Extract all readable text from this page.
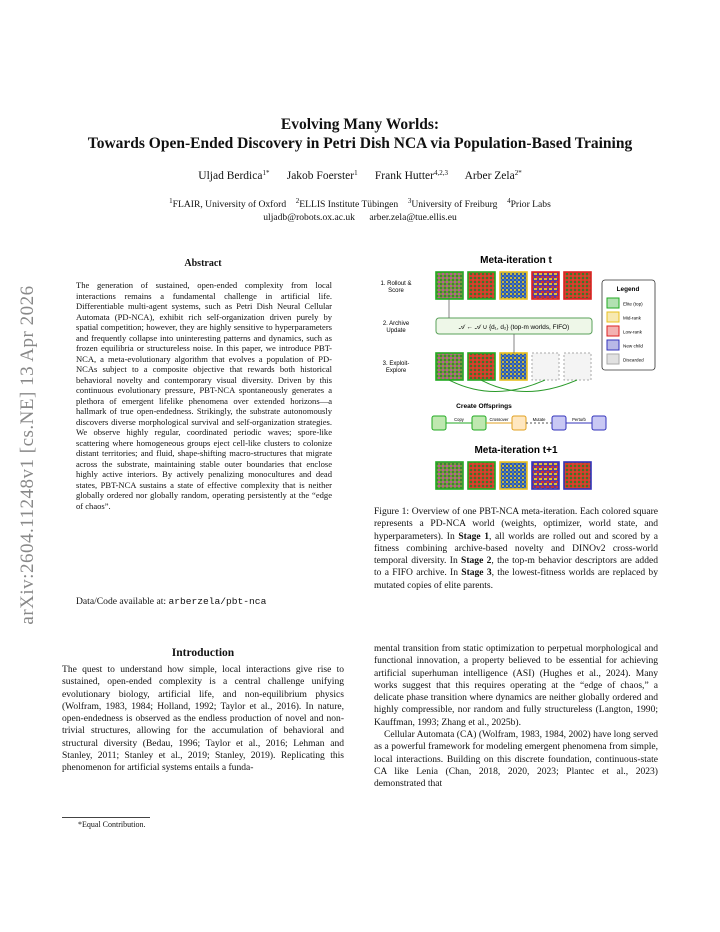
arXiv:2604.11248v1 [cs.NE] 13 Apr 2026
Evolving Many Worlds:
Towards Open-Ended Discovery in Petri Dish NCA via Population-Based Training
Uljad Berdica$^{1*}$ Jakob Foerster$^1$ Frank Hutter$^{4,2,3}$ Arber Zela$^{2*}$
$^1$FLAIR, University of Oxford $^2$ELLIS Institute Tübingen $^3$University of Freiburg $^4$Prior Labs
uljadb@robots.ox.ac.uk      arber.zela@tue.ellis.eu
Abstract
The generation of sustained, open-ended complexity from local interactions remains a fundamental challenge in artificial life. Differentiable multi-agent systems, such as Petri Dish Neural Cellular Automata (PD-NCA), exhibit rich self-organization driven purely by spatial competition; however, they are highly sensitive to hyperparameters and frequently collapse into uninteresting patterns and dynamics, such as frozen equilibria or structureless noise. In this paper, we introduce PBT-NCA, a meta-evolutionary algorithm that evolves a population of PD-NCAs subject to a composite objective that rewards both historical behavioral novelty and contemporary visual diversity. Driven by this continuous evolutionary pressure, PBT-NCA spontaneously generates a plethora of emergent lifelike phenomena over extended horizons—a hallmark of true open-endedness. Strikingly, the substrate autonomously discovers diverse morphological survival and self-organization strategies. We observe highly regular, coordinated periodic waves; spore-like scattering where homogeneous groups eject cell-like clusters to colonize distant territories; and fluid, shape-shifting macro-structures that migrate across the substrate, maintaining stable outer boundaries that enclose highly active interiors. By actively penalizing monocultures and dead states, PBT-NCA sustains a state of effective complexity that is neither globally ordered nor globally random, operating persistently at the “edge of chaos”.
Data/Code available at: arberzela/pbt-nca
Meta-iteration t
1. Rollout & Score
2. Archive Update	𝒜 ← 𝒜 ∪ {d₁, d₂} (top-m worlds, FIFO)
3. Exploit-Explore
Create Offsprings
Copy	Crossover	Mutate	Perturb
Meta-iteration t+1
Legend
Elite (top)
Mid-rank
Low-rank
New child
Discarded
Figure 1: Overview of one PBT-NCA meta-iteration. Each colored square represents a PD-NCA world (weights, optimizer, world state, and hyperparameters). In Stage 1, all worlds are rolled out and scored by a fitness combining archive-based novelty and DINOv2 cross-world temporal diversity. In Stage 2, the top-m behavior descriptors are added to a FIFO archive. In Stage 3, the lowest-fitness worlds are replaced by mutated copies of elite parents.
Introduction
The quest to understand how simple, local interactions give rise to sustained, open-ended complexity is a central challenge unifying evolutionary biology, artificial life, and non-equilibrium physics (Wolfram, 1983, 1984; Holland, 1992; Taylor et al., 2016). In nature, open-endedness is observed as the endless production of novel and non-trivial structures, allowing for the accumulation of behavioral and structural diversity (Bedau, 1996; Taylor et al., 2016; Lehman and Stanley, 2011; Stanley et al., 2019; Stanley, 2019). Replicating this phenomenon for artificial systems entails a funda-
mental transition from static optimization to perpetual morphological and functional innovation, a property believed to be essential for achieving artificial superhuman intelligence (ASI) (Hughes et al., 2024). Many works suggest that this requires operating at the “edge of chaos,” a delicate phase transition where dynamics are neither globally ordered and highly compressible, nor random and fully structureless (Langton, 1990; Kauffman, 1993; Zhang et al., 2025b).
Cellular Automata (CA) (Wolfram, 1983, 1984, 2002) have long served as a powerful framework for modeling emergent phenomena from simple, local interactions. Building on this discrete foundation, continuous-state CA like Lenia (Chan, 2018, 2020, 2023; Plantec et al., 2023) demonstrated that
*Equal Contribution.
